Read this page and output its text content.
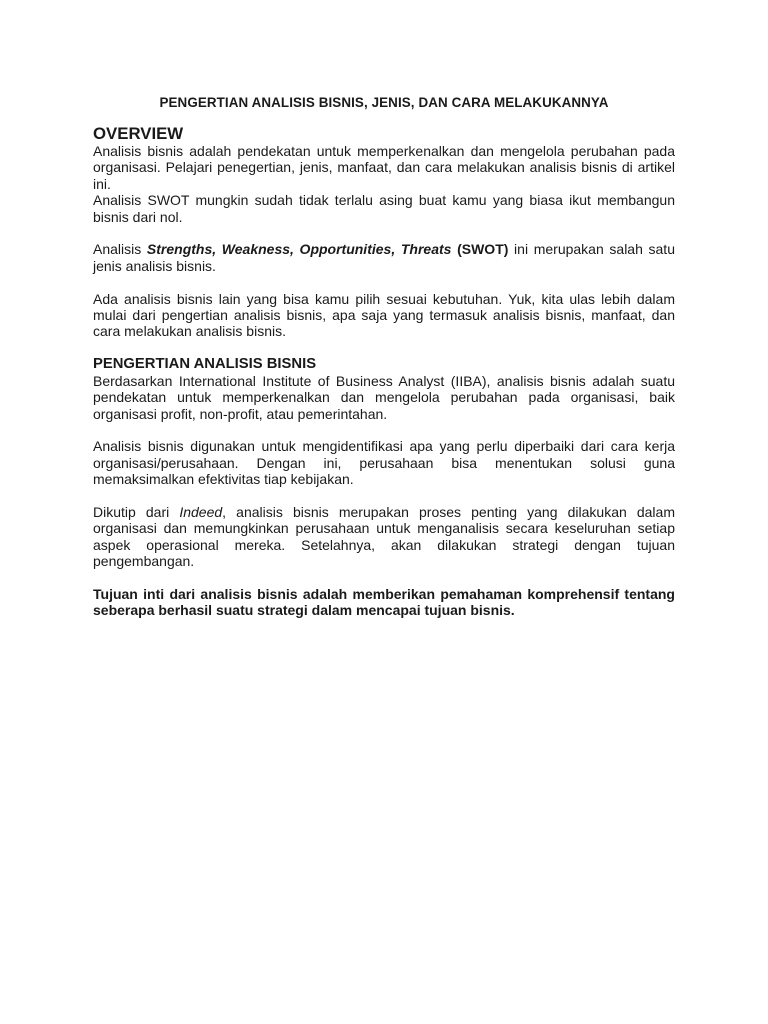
PENGERTIAN ANALISIS BISNIS, JENIS, DAN CARA MELAKUKANNYA
OVERVIEW

Analisis bisnis adalah pendekatan untuk memperkenalkan dan mengelola perubahan pada organisasi. Pelajari penegertian, jenis, manfaat, dan cara melakukan analisis bisnis di artikel ini.

Analisis SWOT mungkin sudah tidak terlalu asing buat kamu yang biasa ikut membangun bisnis dari nol.

Analisis Strengths, Weakness, Opportunities, Threats (SWOT) ini merupakan salah satu jenis analisis bisnis.

Ada analisis bisnis lain yang bisa kamu pilih sesuai kebutuhan. Yuk, kita ulas lebih dalam mulai dari pengertian analisis bisnis, apa saja yang termasuk analisis bisnis, manfaat, dan cara melakukan analisis bisnis.

PENGERTIAN ANALISIS BISNIS

Berdasarkan International Institute of Business Analyst (IIBA), analisis bisnis adalah suatu pendekatan untuk memperkenalkan dan mengelola perubahan pada organisasi, baik organisasi profit, non-profit, atau pemerintahan.

Analisis bisnis digunakan untuk mengidentifikasi apa yang perlu diperbaiki dari cara kerja organisasi/perusahaan. Dengan ini, perusahaan bisa menentukan solusi guna memaksimalkan efektivitas tiap kebijakan.

Dikutip dari Indeed, analisis bisnis merupakan proses penting yang dilakukan dalam organisasi dan memungkinkan perusahaan untuk menganalisis secara keseluruhan setiap aspek operasional mereka. Setelahnya, akan dilakukan strategi dengan tujuan pengembangan.

Tujuan inti dari analisis bisnis adalah memberikan pemahaman komprehensif tentang seberapa berhasil suatu strategi dalam mencapai tujuan bisnis.
